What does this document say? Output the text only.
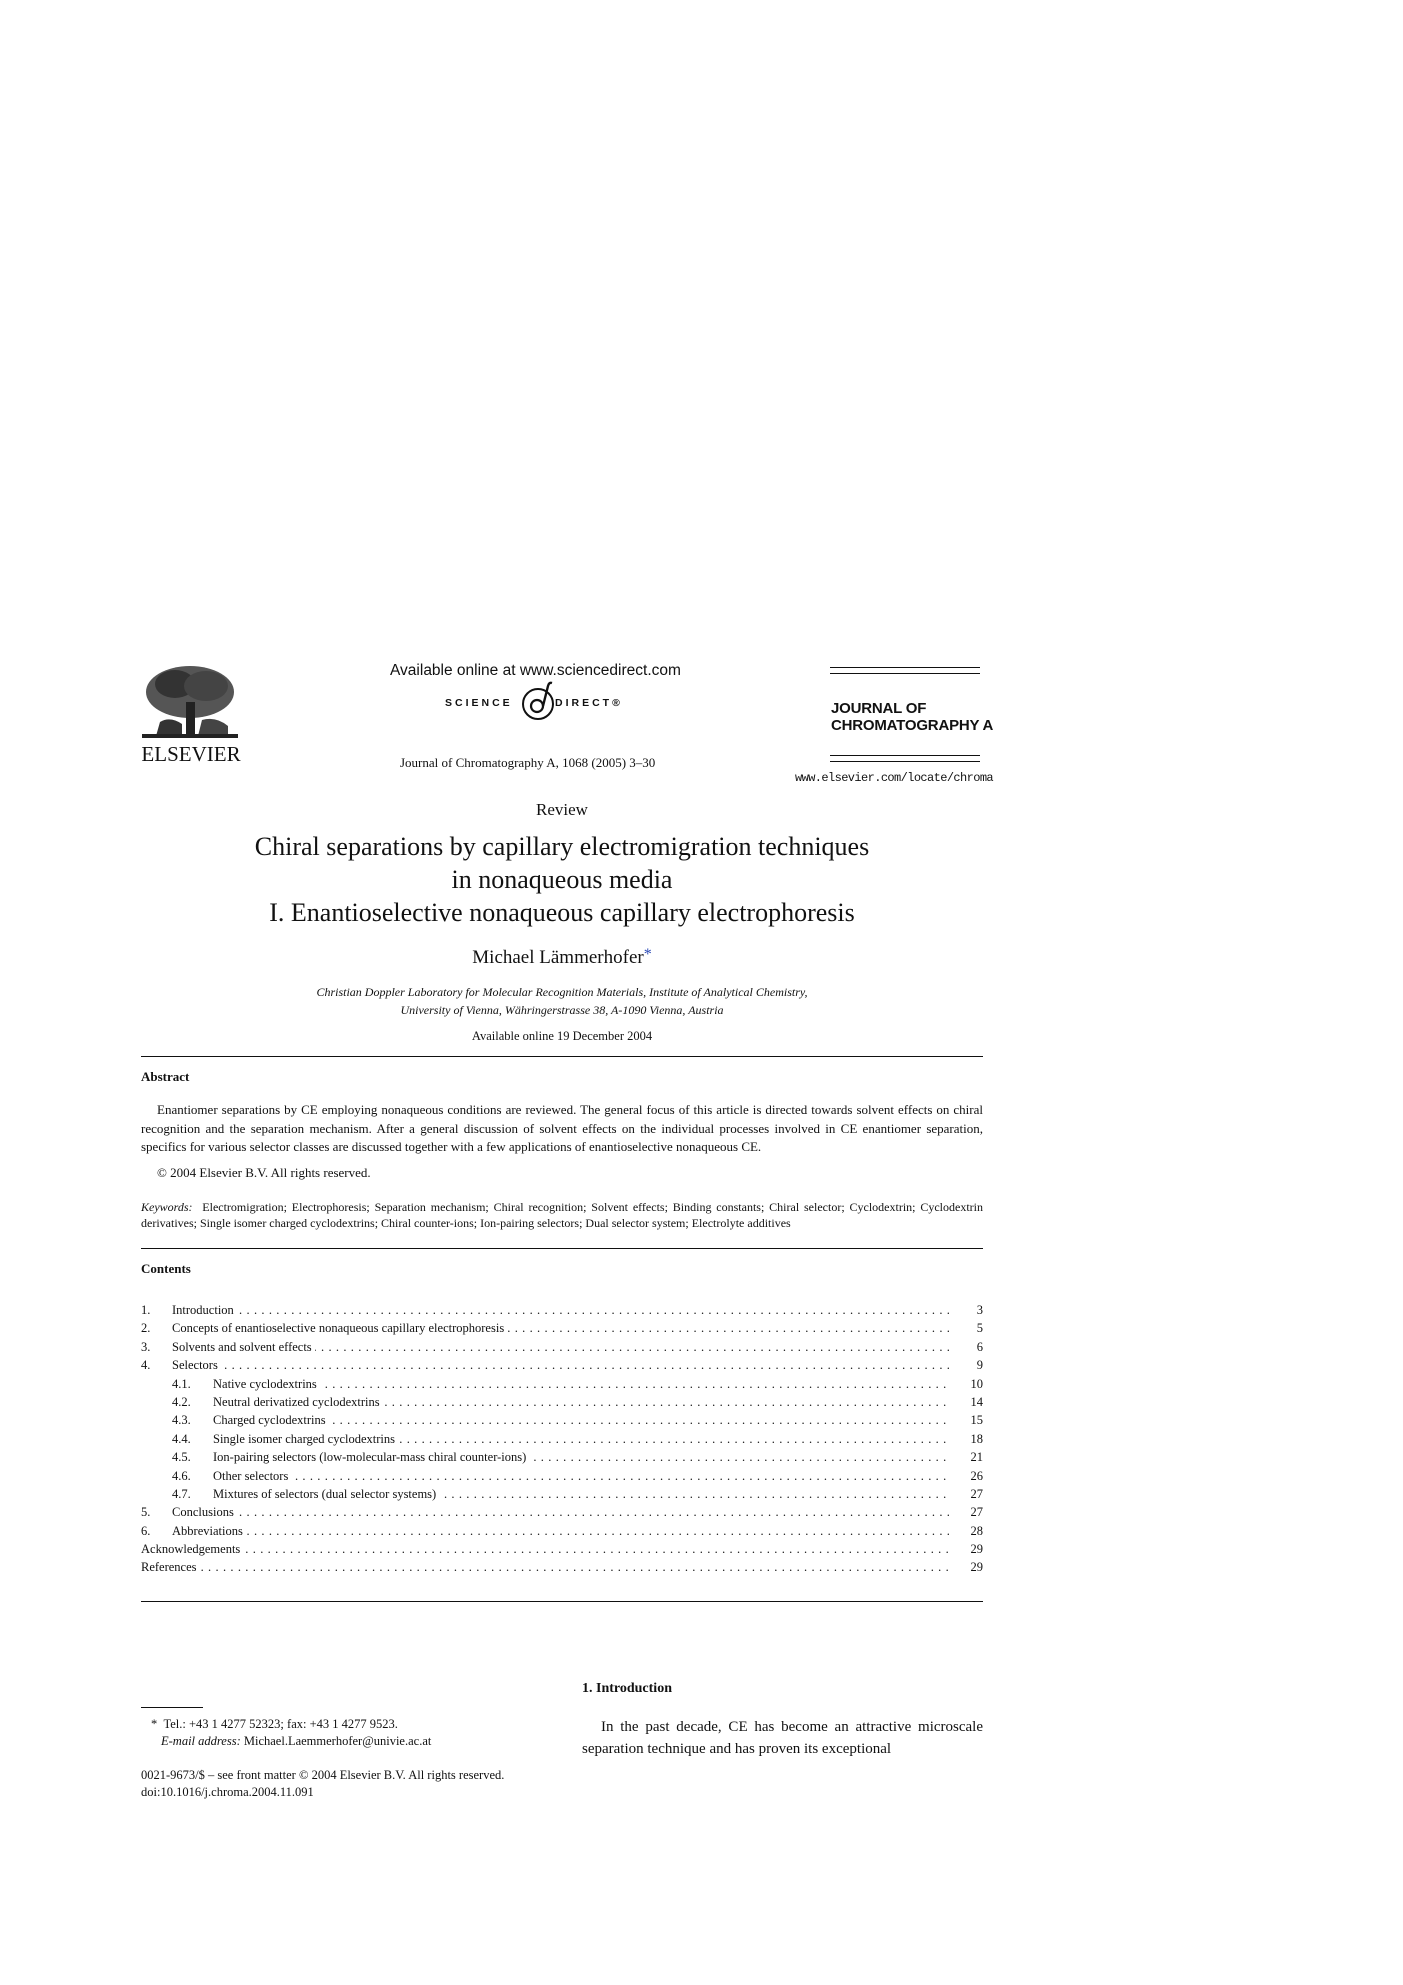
ELSEVIER
Available online at www.sciencedirect.com
SCIENCE	DIRECT®
Journal of Chromatography A, 1068 (2005) 3–30
JOURNAL OF
CHROMATOGRAPHY A
www.elsevier.com/locate/chroma
Review
Chiral separations by capillary electromigration techniques
in nonaqueous media
I. Enantioselective nonaqueous capillary electrophoresis
Michael Lämmerhofer*
Christian Doppler Laboratory for Molecular Recognition Materials, Institute of Analytical Chemistry,
University of Vienna, Währingerstrasse 38, A-1090 Vienna, Austria
Available online 19 December 2004
Abstract
Enantiomer separations by CE employing nonaqueous conditions are reviewed. The general focus of this article is directed towards solvent effects on chiral recognition and the separation mechanism. After a general discussion of solvent effects on the individual processes involved in CE enantiomer separation, specifics for various selector classes are discussed together with a few applications of enantioselective nonaqueous CE.
© 2004 Elsevier B.V. All rights reserved.
Keywords: Electromigration; Electrophoresis; Separation mechanism; Chiral recognition; Solvent effects; Binding constants; Chiral selector; Cyclodextrin; Cyclodextrin derivatives; Single isomer charged cyclodextrins; Chiral counter-ions; Ion-pairing selectors; Dual selector system; Electrolyte additives
Contents
1. Introduction . . .	3
2. Concepts of enantioselective nonaqueous capillary electrophoresis . . .	5
3. Solvents and solvent effects . . .	6
4. Selectors . . .	9
4.1. Native cyclodextrins . . .	10
4.2. Neutral derivatized cyclodextrins . . .	14
4.3. Charged cyclodextrins . . .	15
4.4. Single isomer charged cyclodextrins . . .	18
4.5. Ion-pairing selectors (low-molecular-mass chiral counter-ions) . . .	21
4.6. Other selectors . . .	26
4.7. Mixtures of selectors (dual selector systems) . . .	27
5. Conclusions . . .	27
6. Abbreviations . . .	28
Acknowledgements . . .	29
References . . .	29
1. Introduction
In the past decade, CE has become an attractive microscale separation technique and has proven its exceptional
* Tel.: +43 1 4277 52323; fax: +43 1 4277 9523.
E-mail address: Michael.Laemmerhofer@univie.ac.at
0021-9673/$ – see front matter © 2004 Elsevier B.V. All rights reserved.
doi:10.1016/j.chroma.2004.11.091
